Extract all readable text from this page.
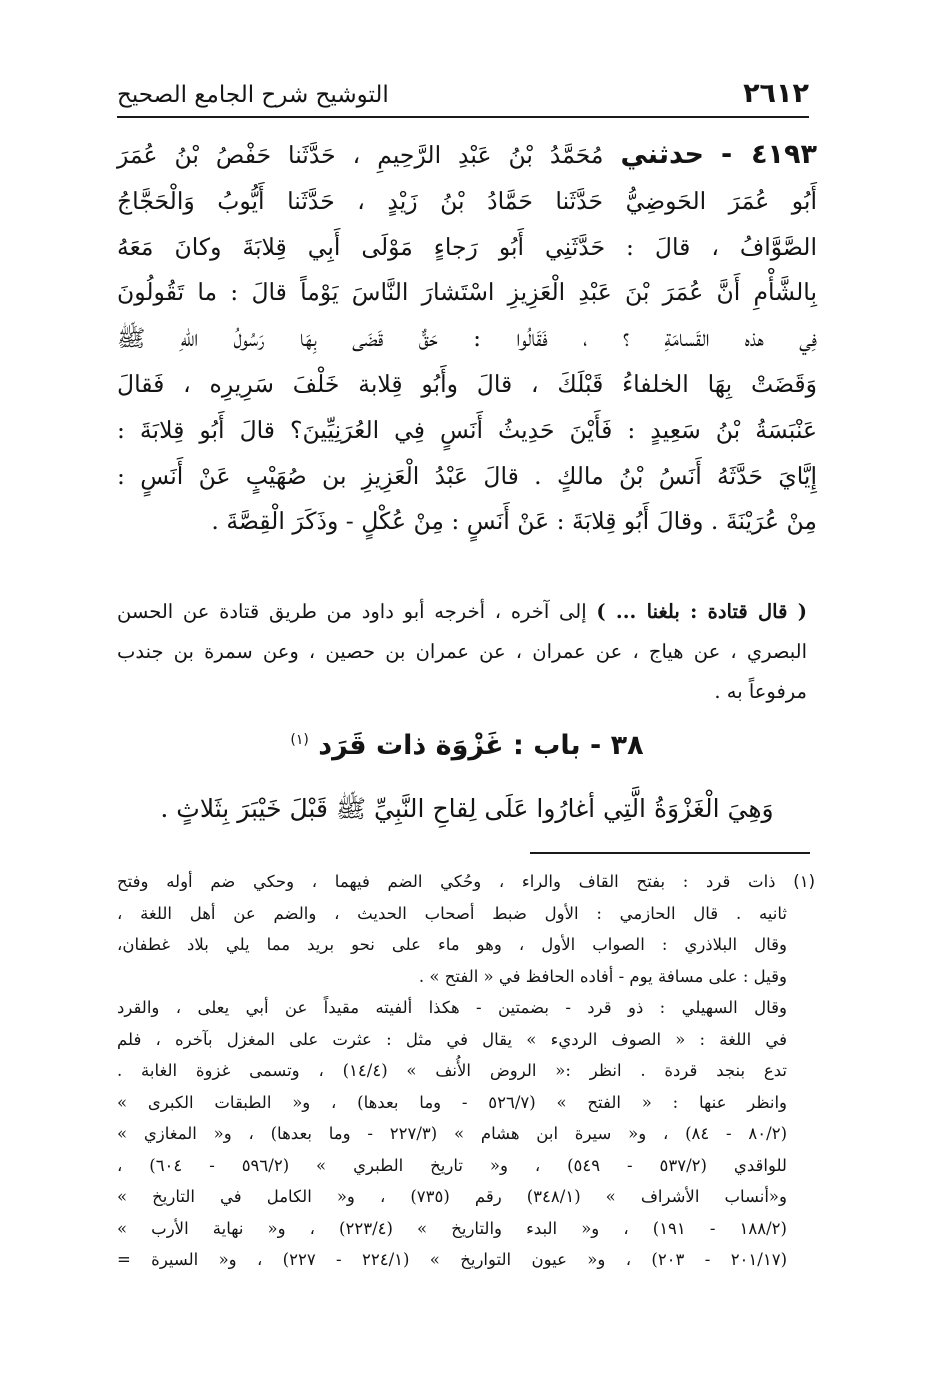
٢٦١٢
التوشيح شرح الجامع الصحيح
٤١٩٣ - حدثني مُحَمَّدُ بْنُ عَبْدِ الرَّحِيمِ ، حَدَّثَنا حَفْصُ بْنُ عُمَرَ
أَبُو عُمَرَ الحَوضِيُّ حَدَّثَنا حَمَّادُ بْنُ زَيْدٍ ، حَدَّثَنا أَيُّوبُ وَالْحَجَّاجُ
الصَّوَّافُ ، قالَ : حَدَّثَنِي أَبُو رَجاءٍ مَوْلَى أَبِي قِلابَةَ وكانَ مَعَهُ
بِالشَّأْمِ أَنَّ عُمَرَ بْنَ عَبْدِ الْعَزِيزِ اسْتَشارَ النَّاسَ يَوْماً قالَ : ما تَقُولُونَ
فِي هذه القَسامَةِ ؟ ، فَقَالُوا : حَقٌّ قَضَى بِهَا رَسُولُ اللهِ ﷺ
وَقَضَتْ بِهَا الخلفاءُ قَبْلَكَ ، قالَ وأَبُو قِلابة خَلْفَ سَرِيرِه ، فَقالَ
عَنْبَسَةُ بْنُ سَعِيدٍ : فَأَيْنَ حَدِيثُ أَنَسٍ فِي العُرَنِيِّينَ؟ قالَ أَبُو قِلابَةَ :
إِيَّايَ حَدَّثَهُ أَنَسُ بْنُ مالكٍ . قالَ عَبْدُ الْعَزِيزِ بن صُهَيْبٍ عَنْ أَنَسٍ :
مِنْ عُرَيْنَةَ . وقالَ أَبُو قِلابَةَ : عَنْ أَنَسٍ : مِنْ عُكْلٍ - وذَكَرَ الْقِصَّةَ .
( قال قتادة : بلغنا ... ) إلى آخره ، أخرجه أبو داود من طريق قتادة عن الحسن البصري ، عن هياج ، عن عمران ، عن عمران بن حصين ، وعن سمرة بن جندب مرفوعاً به .
٣٨ - باب : غَزْوَة ذات قَرَد $^{(١)}$
وَهِيَ الْغَزْوَةُ الَّتِي أغارُوا عَلَى لِقاحِ النَّبِيِّ ﷺ قَبْلَ خَيْبَرَ بِثَلاثٍ .
(١) ذات قرد : بفتح القاف والراء ، وحُكي الضم فيهما ، وحكي ضم أوله وفتح
ثانيه . قال الحازمي : الأول ضبط أصحاب الحديث ، والضم عن أهل اللغة ،
وقال البلاذري : الصواب الأول ، وهو ماء على نحو بريد مما يلي بلاد غطفان،
وقيل : على مسافة يوم - أفاده الحافظ في « الفتح » .
وقال السهيلي : ذو قرد - بضمتين - هكذا ألفيته مقيداً عن أبي يعلى ، والقرد
في اللغة : « الصوف الرديء » يقال في مثل : عثرت على المغزل بآخره ، فلم
تدع بنجد قردة . انظر :« الروض الأُنف » (١٤/٤) ، وتسمى غزوة الغابة .
وانظر عنها : « الفتح » (٥٢٦/٧ - وما بعدها) ، و« الطبقات الكبرى »
(٨٠/٢ - ٨٤) ، و« سيرة ابن هشام » (٢٢٧/٣ - وما بعدها) ، و« المغازي »
للواقدي (٥٣٧/٢ - ٥٤٩) ، و« تاريخ الطبري » (٥٩٦/٢ - ٦٠٤) ،
و«أنساب الأشراف » (٣٤٨/١) رقم (٧٣٥) ، و« الكامل في التاريخ »
(١٨٨/٢ - ١٩١) ، و« البدء والتاريخ » (٢٢٣/٤) ، و« نهاية الأرب »
(٢٠١/١٧ - ٢٠٣) ، و« عيون التواريخ » (٢٢٤/١ - ٢٢٧) ، و« السيرة =
